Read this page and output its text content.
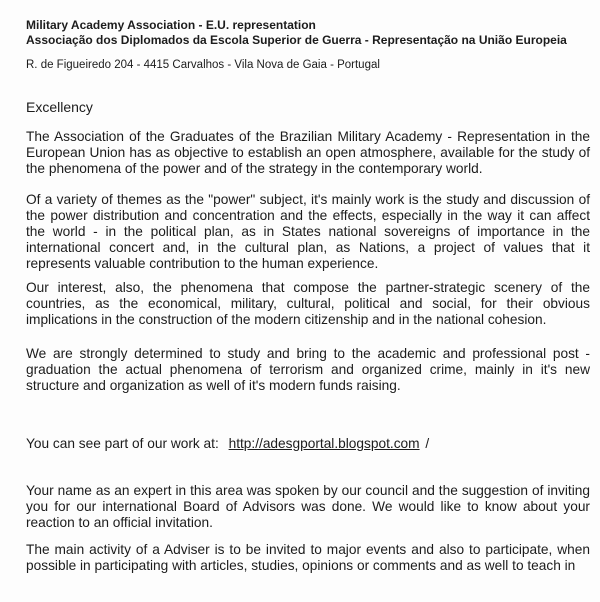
Military Academy Association - E.U. representation
Associação dos Diplomados da Escola Superior de Guerra - Representação na União Europeia
R. de Figueiredo 204 - 4415 Carvalhos - Vila Nova de Gaia - Portugal
Excellency

The Association of the Graduates of the Brazilian Military Academy - Representation in the European Union has as objective to establish an open atmosphere, available for the study of the phenomena of the power and of the strategy in the contemporary world.

Of a variety of themes as the "power" subject, it's mainly work is the study and discussion of the power distribution and concentration and the effects, especially in the way it can affect the world - in the political plan, as in States national sovereigns of importance in the international concert and, in the cultural plan, as Nations, a project of values that it represents valuable contribution to the human experience.

Our interest, also, the phenomena that compose the partner-strategic scenery of the countries, as the economical, military, cultural, political and social, for their obvious implications in the construction of the modern citizenship and in the national cohesion.

We are strongly determined to study and bring to the academic and professional post - graduation the actual phenomena of terrorism and organized crime, mainly in it's new structure and organization as well of it's modern funds raising.

You can see part of our work at: http://adesgportal.blogspot.com /

Your name as an expert in this area was spoken by our council and the suggestion of inviting you for our international Board of Advisors was done. We would like to know about your reaction to an official invitation.

The main activity of a Adviser is to be invited to major events and also to participate, when possible in participating with articles, studies, opinions or comments and as well to teach in
